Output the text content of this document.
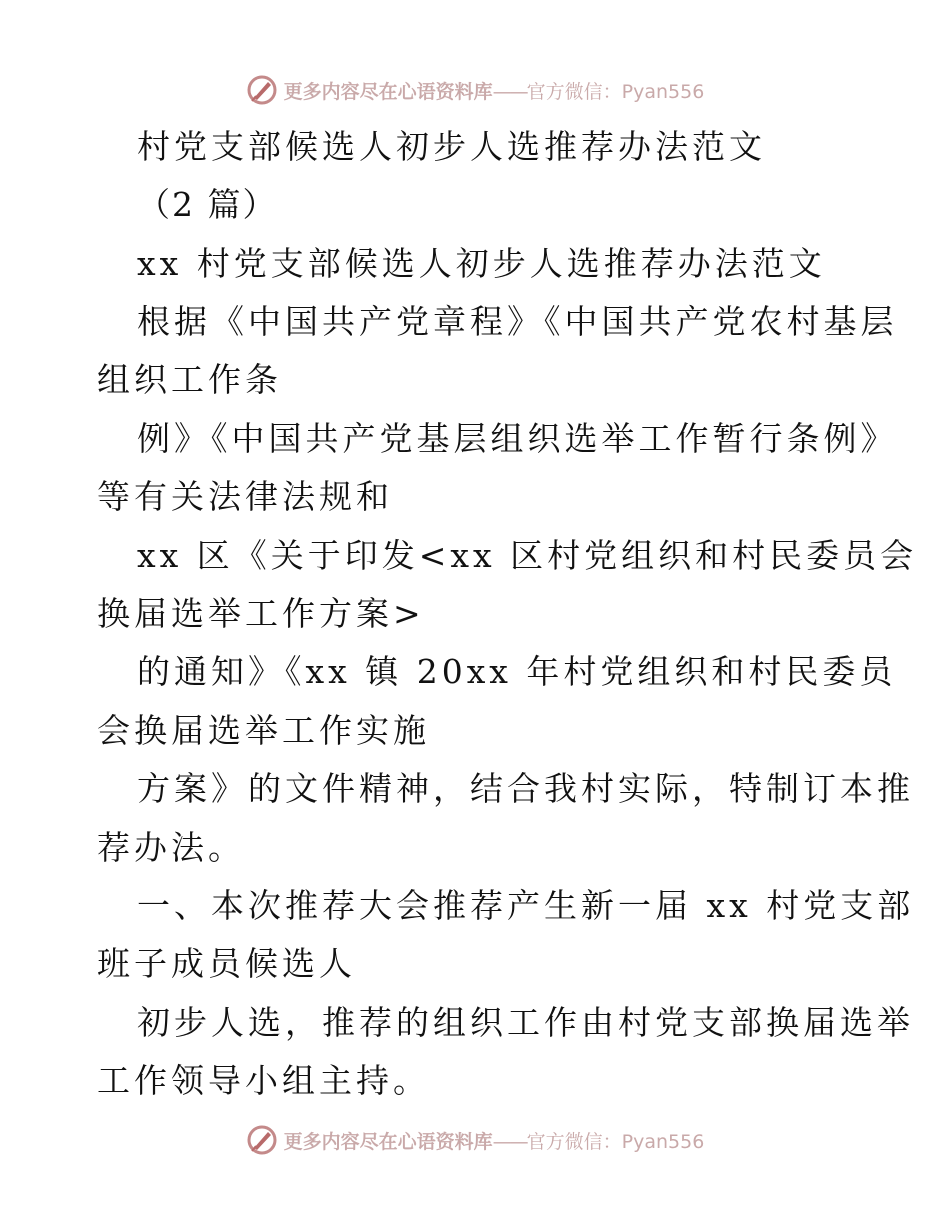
更多内容尽在心语资料库——官方微信：Pyan556
村党支部候选人初步人选推荐办法范文
（2 篇）
xx 村党支部候选人初步人选推荐办法范文
根据《中国共产党章程》《中国共产党农村基层
组织工作条
例》《中国共产党基层组织选举工作暂行条例》
等有关法律法规和
xx 区《关于印发<xx 区村党组织和村民委员会
换届选举工作方案>
的通知》《xx 镇 20xx 年村党组织和村民委员
会换届选举工作实施
方案》的文件精神，结合我村实际，特制订本推
荐办法。
一、本次推荐大会推荐产生新一届 xx 村党支部
班子成员候选人
初步人选，推荐的组织工作由村党支部换届选举
工作领导小组主持。
更多内容尽在心语资料库——官方微信：Pyan556
